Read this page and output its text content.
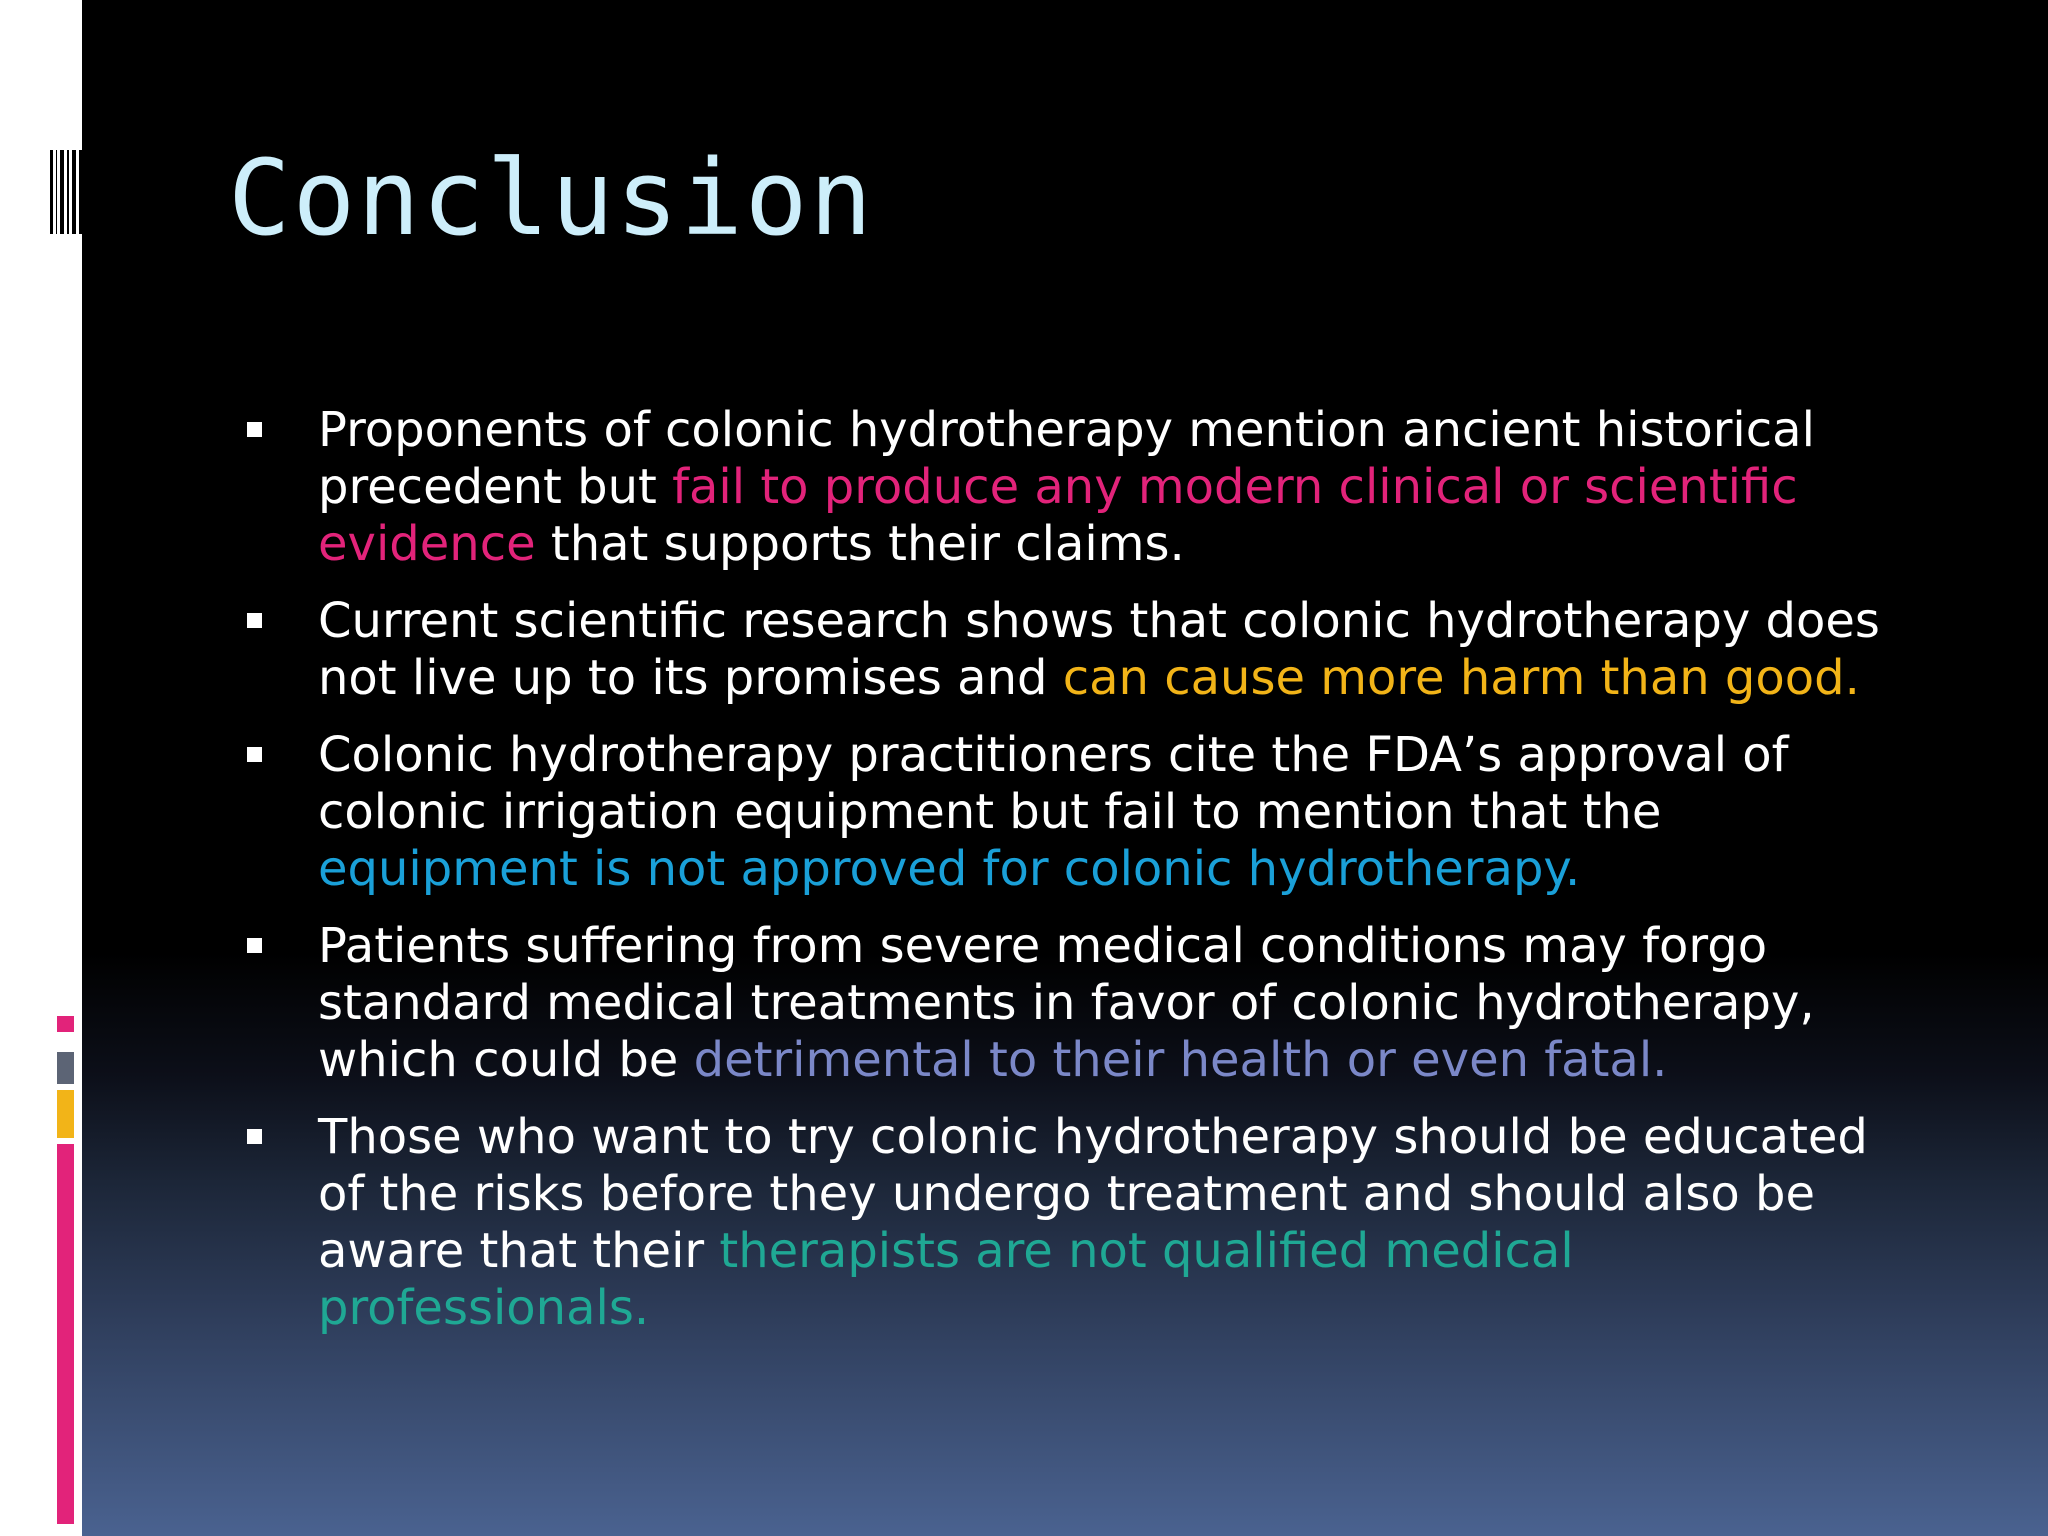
Conclusion
Proponents of colonic hydrotherapy mention ancient historical precedent but fail to produce any modern clinical or scientific evidence that supports their claims.
Current scientific research shows that colonic hydrotherapy does not live up to its promises and can cause more harm than good.
Colonic hydrotherapy practitioners cite the FDA’s approval of colonic irrigation equipment but fail to mention that the equipment is not approved for colonic hydrotherapy.
Patients suffering from severe medical conditions may forgo standard medical treatments in favor of colonic hydrotherapy, which could be detrimental to their health or even fatal.
Those who want to try colonic hydrotherapy should be educated of the risks before they undergo treatment and should also be aware that their therapists are not qualified medical professionals.
